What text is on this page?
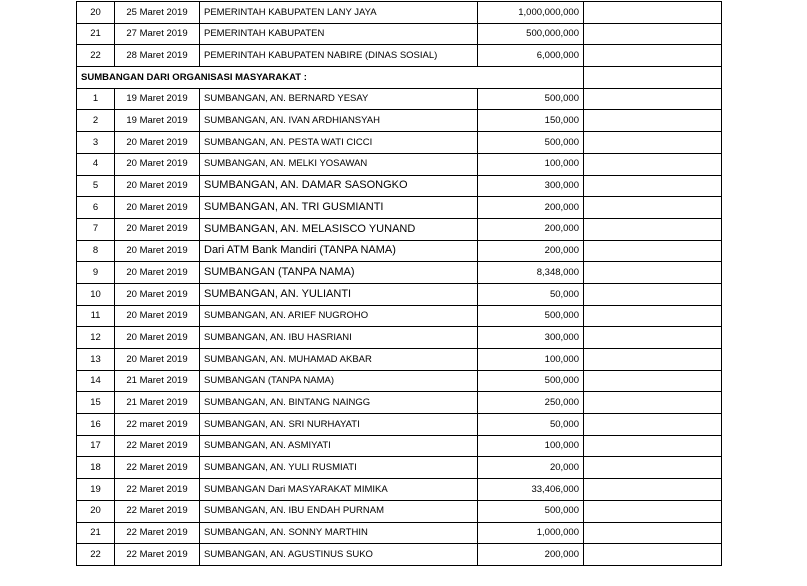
20	25 Maret 2019	PEMERINTAH KABUPATEN LANY JAYA	1,000,000,000	
21	27 Maret 2019	PEMERINTAH KABUPATEN	500,000,000	
22	28 Maret 2019	PEMERINTAH KABUPATEN NABIRE (DINAS SOSIAL)	6,000,000	
SUMBANGAN DARI ORGANISASI MASYARAKAT :				
1	19 Maret 2019	SUMBANGAN, AN. BERNARD YESAY	500,000	
2	19 Maret 2019	SUMBANGAN, AN. IVAN ARDHIANSYAH	150,000	
3	20 Maret 2019	SUMBANGAN, AN. PESTA WATI CICCI	500,000	
4	20 Maret 2019	SUMBANGAN, AN. MELKI YOSAWAN	100,000	
5	20 Maret 2019	SUMBANGAN, AN. DAMAR SASONGKO	300,000	
6	20 Maret 2019	SUMBANGAN, AN. TRI GUSMIANTI	200,000	
7	20 Maret 2019	SUMBANGAN, AN. MELASISCO YUNAND	200,000	
8	20 Maret 2019	Dari ATM Bank Mandiri (TANPA NAMA)	200,000	
9	20 Maret 2019	SUMBANGAN (TANPA NAMA)	8,348,000	
10	20 Maret 2019	SUMBANGAN, AN. YULIANTI	50,000	
11	20 Maret 2019	SUMBANGAN, AN. ARIEF NUGROHO	500,000	
12	20 Maret 2019	SUMBANGAN, AN. IBU HASRIANI	300,000	
13	20 Maret 2019	SUMBANGAN, AN. MUHAMAD AKBAR	100,000	
14	21 Maret 2019	SUMBANGAN (TANPA NAMA)	500,000	
15	21 Maret 2019	SUMBANGAN, AN. BINTANG NAINGG	250,000	
16	22 maret 2019	SUMBANGAN, AN. SRI NURHAYATI	50,000	
17	22 Maret 2019	SUMBANGAN, AN. ASMIYATI	100,000	
18	22 Maret 2019	SUMBANGAN, AN. YULI RUSMIATI	20,000	
19	22 Maret 2019	SUMBANGAN Dari MASYARAKAT MIMIKA	33,406,000	
20	22 Maret 2019	SUMBANGAN, AN. IBU ENDAH PURNAM	500,000	
21	22 Maret 2019	SUMBANGAN, AN. SONNY MARTHIN	1,000,000	
22	22 Maret 2019	SUMBANGAN, AN. AGUSTINUS SUKO	200,000	
